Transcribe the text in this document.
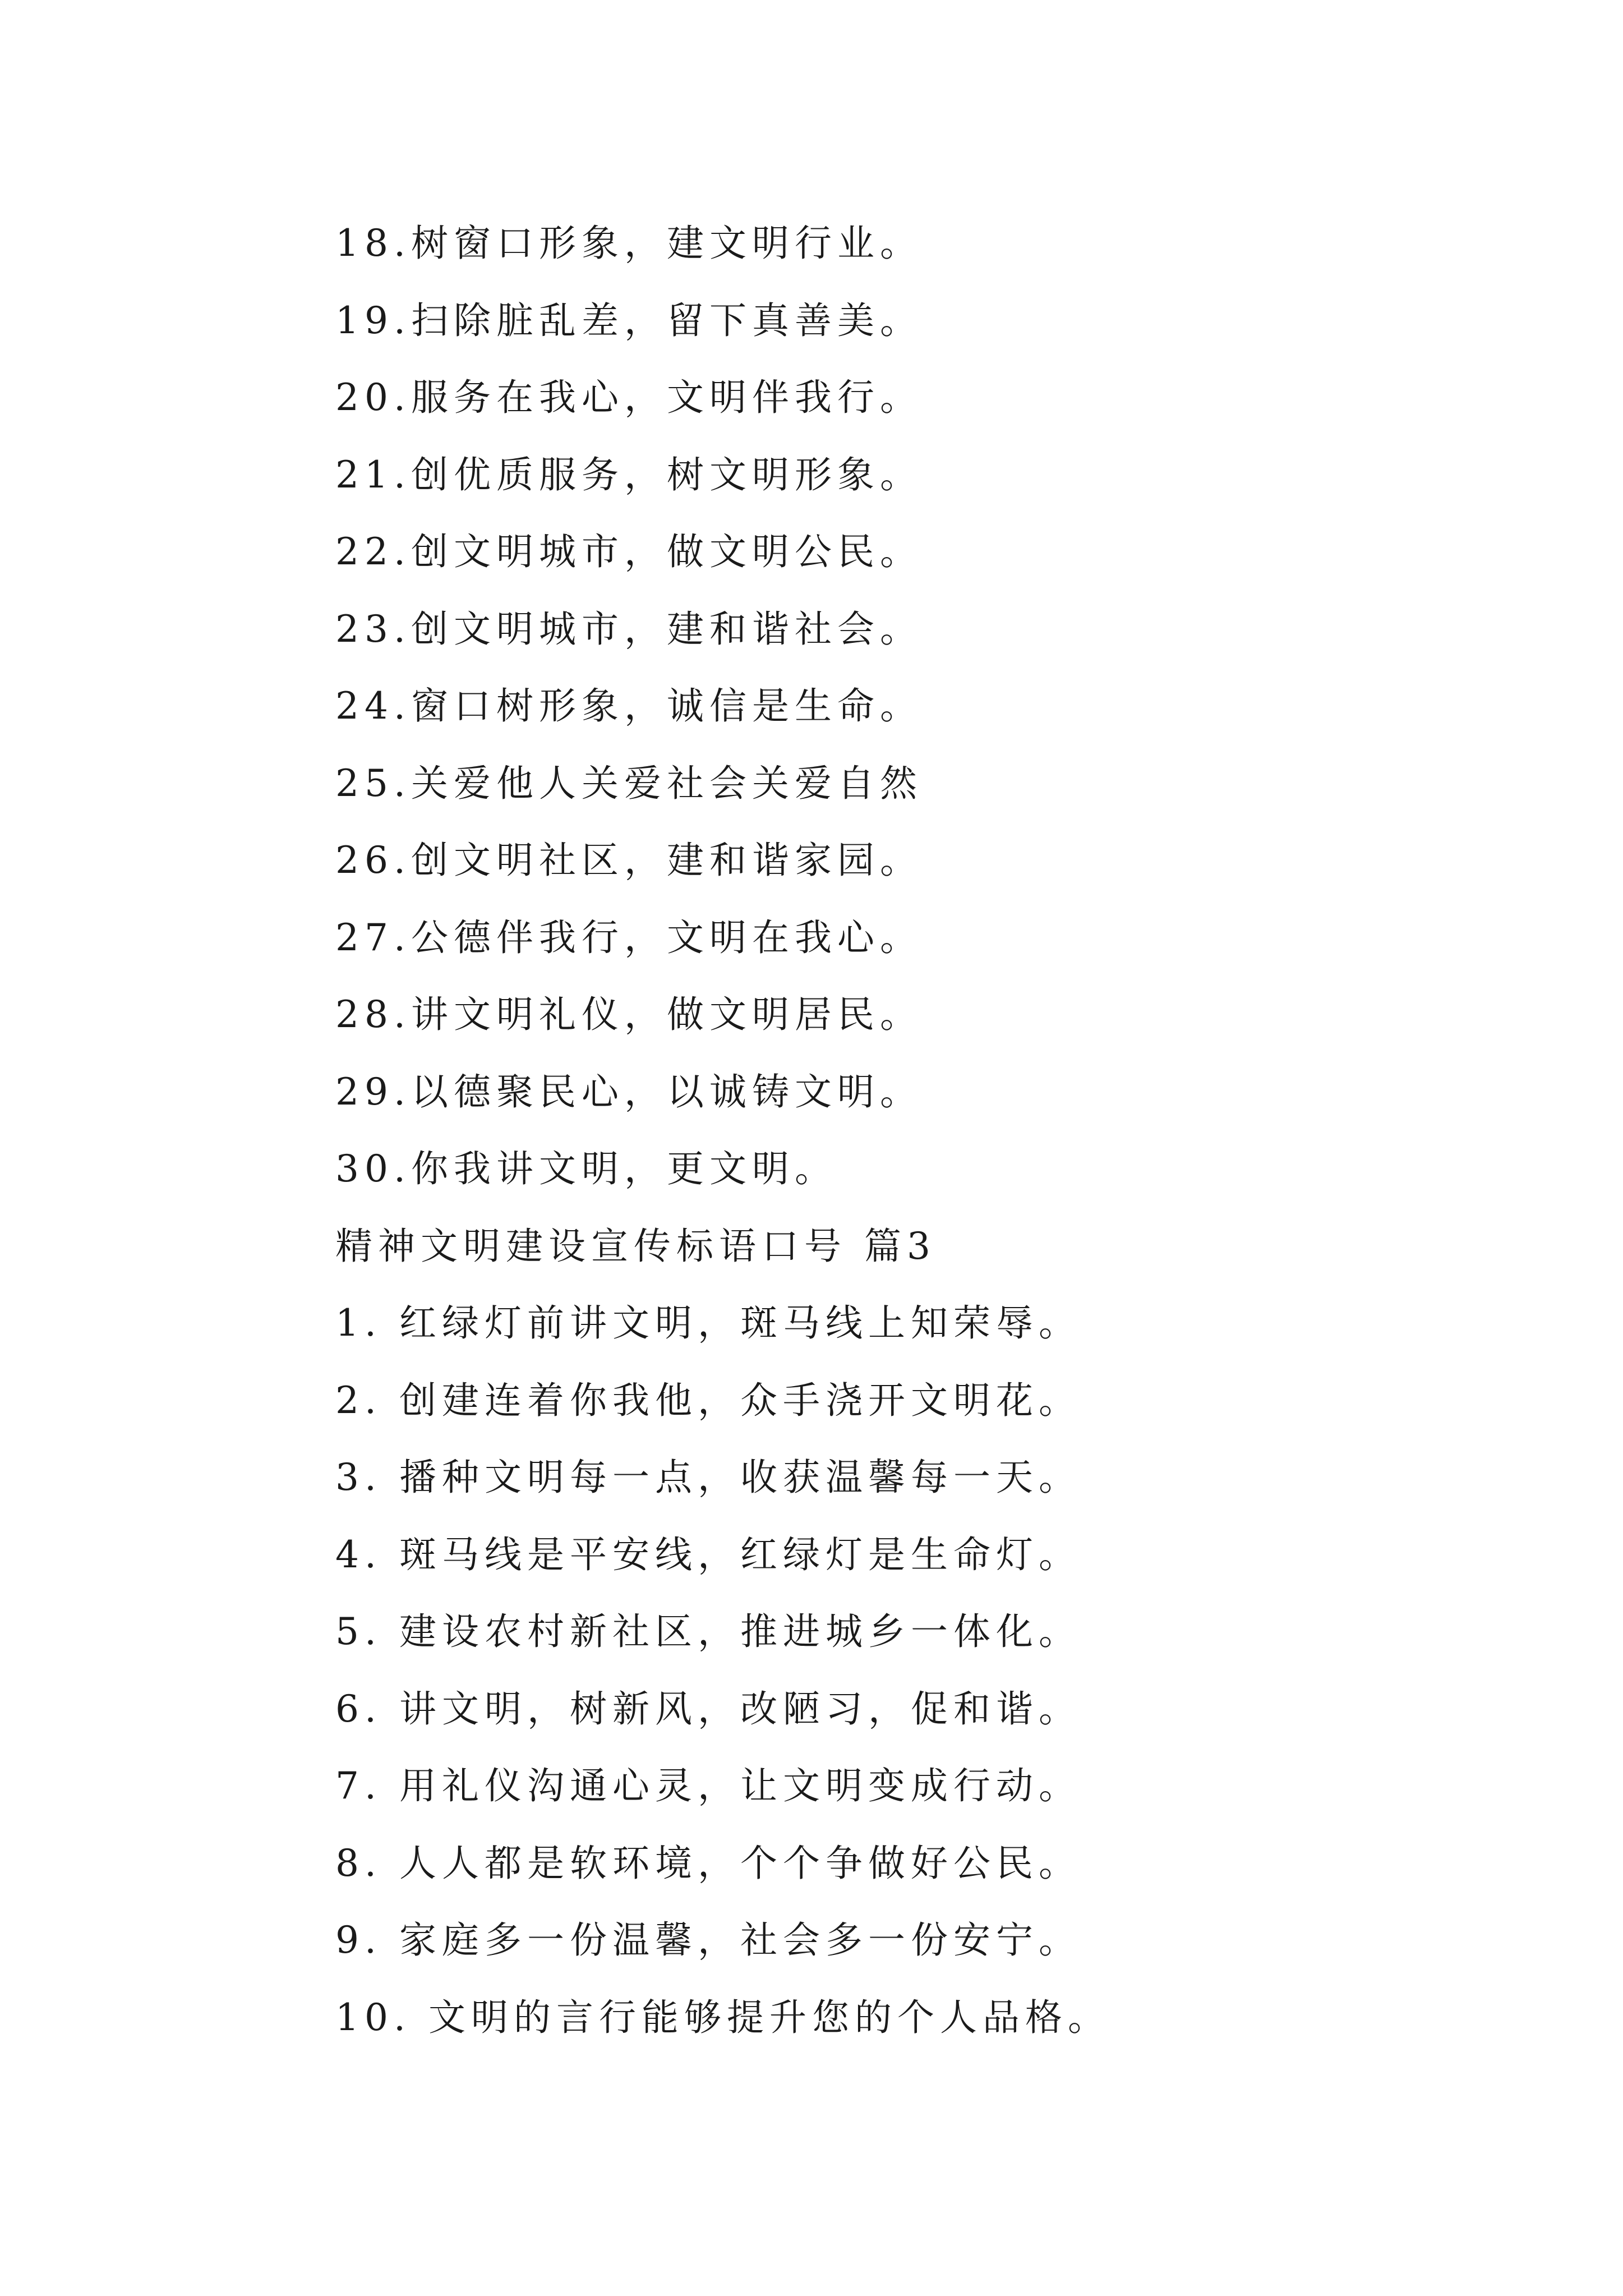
18.树窗口形象，建文明行业。
19.扫除脏乱差，留下真善美。
20.服务在我心，文明伴我行。
21.创优质服务，树文明形象。
22.创文明城市，做文明公民。
23.创文明城市，建和谐社会。
24.窗口树形象，诚信是生命。
25.关爱他人关爱社会关爱自然
26.创文明社区，建和谐家园。
27.公德伴我行，文明在我心。
28.讲文明礼仪，做文明居民。
29.以德聚民心，以诚铸文明。
30.你我讲文明，更文明。
精神文明建设宣传标语口号 篇3
1. 红绿灯前讲文明，斑马线上知荣辱。
2. 创建连着你我他，众手浇开文明花。
3. 播种文明每一点，收获温馨每一天。
4. 斑马线是平安线，红绿灯是生命灯。
5. 建设农村新社区，推进城乡一体化。
6. 讲文明，树新风，改陋习，促和谐。
7. 用礼仪沟通心灵，让文明变成行动。
8. 人人都是软环境，个个争做好公民。
9. 家庭多一份温馨，社会多一份安宁。
10. 文明的言行能够提升您的个人品格。
